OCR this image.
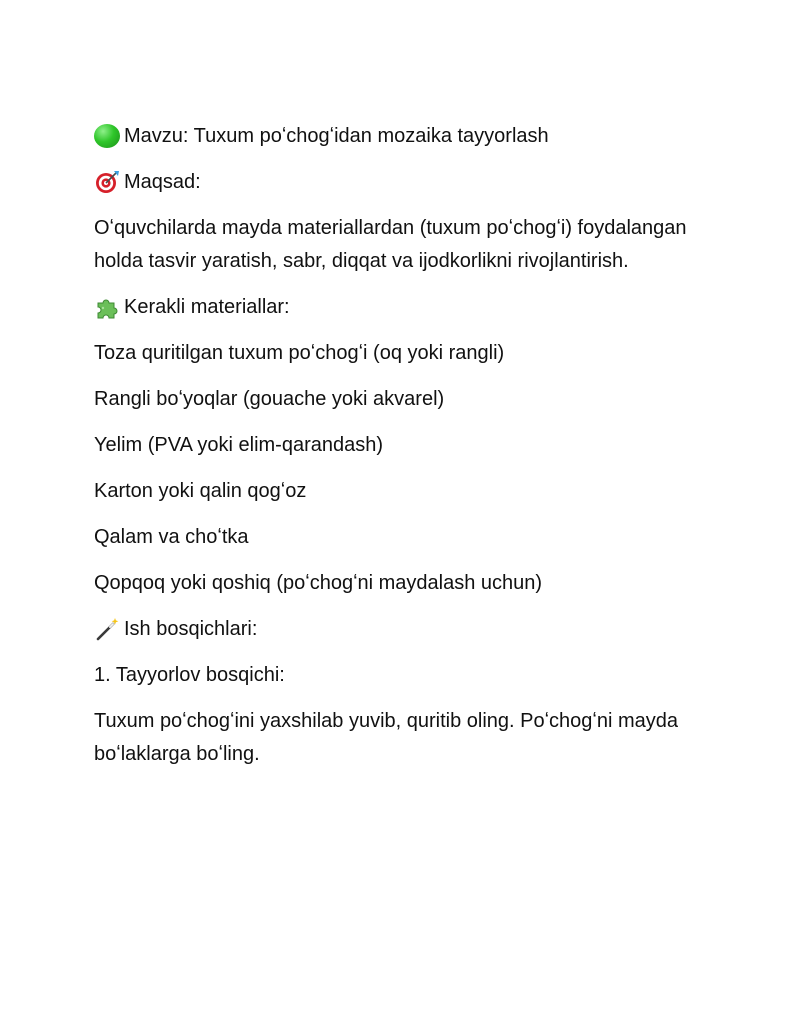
Mavzu: Tuxum poʻchogʻidan mozaika tayyorlash
Maqsad:

Oʻquvchilarda mayda materiallardan (tuxum poʻchogʻi) foydalangan holda tasvir yaratish, sabr, diqqat va ijodkorlikni rivojlantirish.

Kerakli materiallar:
Toza quritilgan tuxum poʻchogʻi (oq yoki rangli)
Rangli boʻyoqlar (gouache yoki akvarel)
Yelim (PVA yoki elim-qarandash)
Karton yoki qalin qogʻoz
Qalam va choʻtka
Qopqoq yoki qoshiq (poʻchogʻni maydalash uchun)
Ish bosqichlari:
1. Tayyorlov bosqichi:

Tuxum poʻchogʻini yaxshilab yuvib, quritib oling. Poʻchogʻni mayda boʻlaklarga boʻling.
